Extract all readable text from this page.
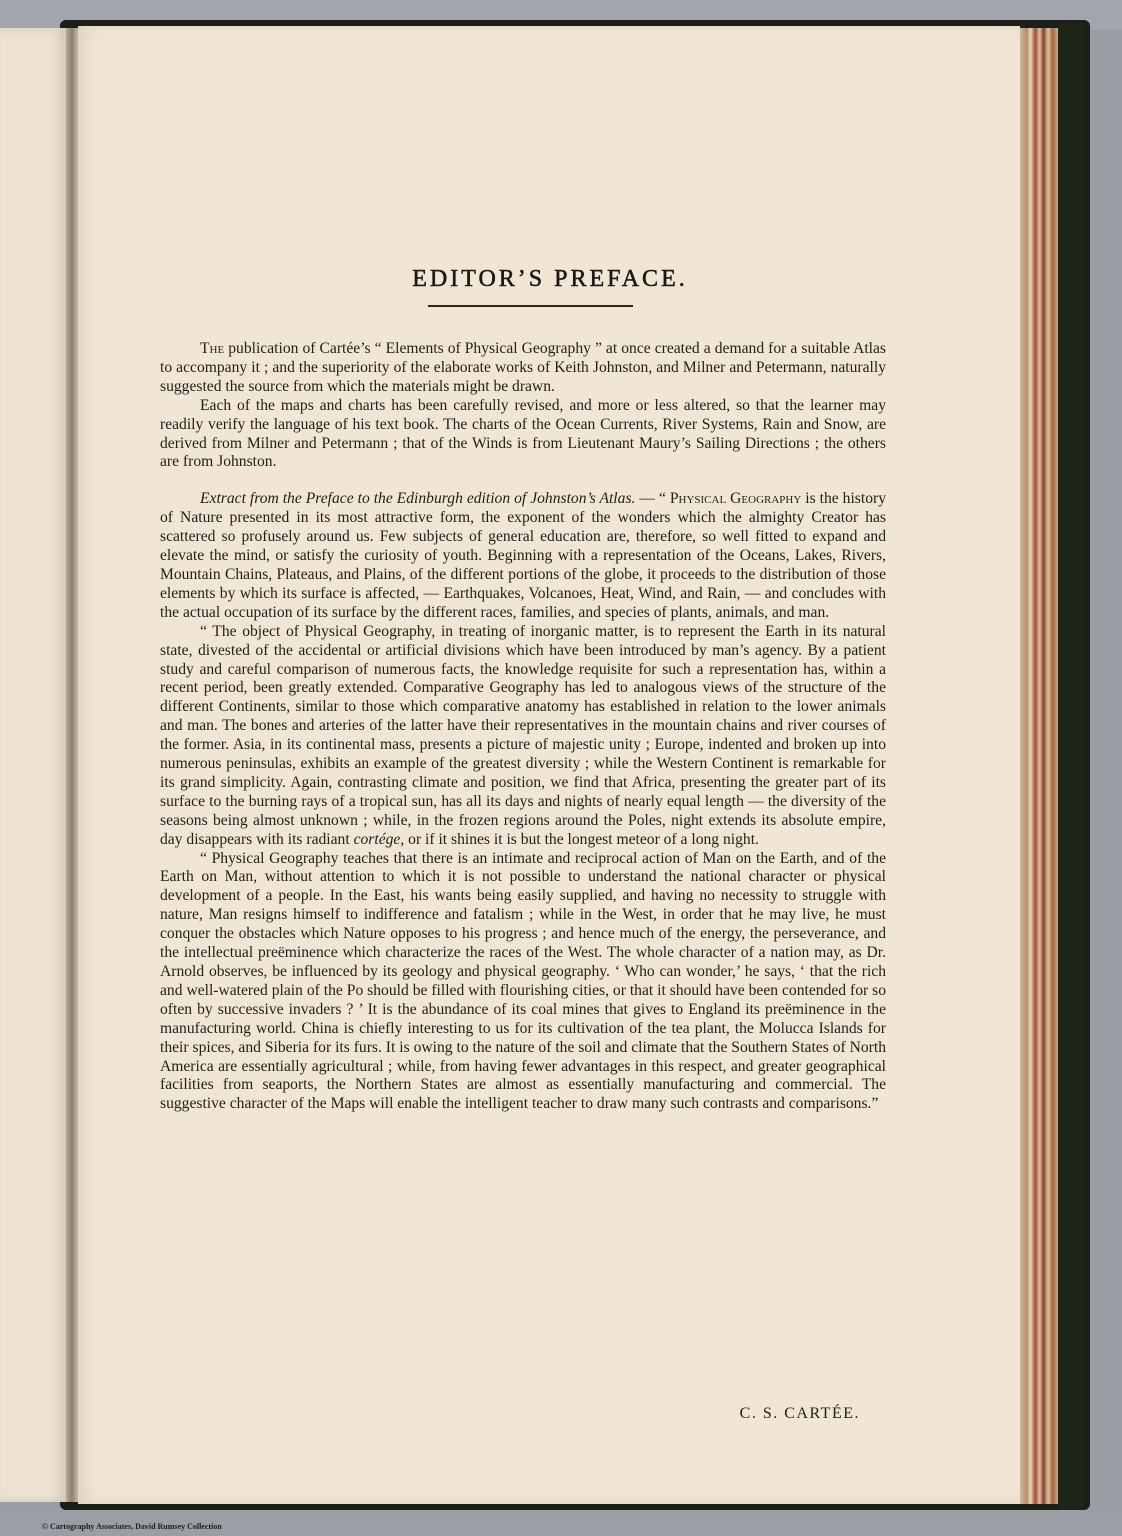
EDITOR’S PREFACE.

The publication of Cartée’s “ Elements of Physical Geography ” at once created a demand for a suitable Atlas to accompany it ; and the superiority of the elaborate works of Keith Johnston, and Milner and Petermann, naturally suggested the source from which the materials might be drawn.

Each of the maps and charts has been carefully revised, and more or less altered, so that the learner may readily verify the language of his text book. The charts of the Ocean Currents, River Systems, Rain and Snow, are derived from Milner and Petermann ; that of the Winds is from Lieutenant Maury’s Sailing Directions ; the others are from Johnston.

Extract from the Preface to the Edinburgh edition of Johnston’s Atlas. — “ Physical Geography is the history of Nature presented in its most attractive form, the exponent of the wonders which the almighty Creator has scattered so profusely around us. Few subjects of general education are, therefore, so well fitted to expand and elevate the mind, or satisfy the curiosity of youth. Beginning with a representation of the Oceans, Lakes, Rivers, Mountain Chains, Plateaus, and Plains, of the different portions of the globe, it proceeds to the distribution of those elements by which its surface is affected, — Earthquakes, Volcanoes, Heat, Wind, and Rain, — and concludes with the actual occupation of its surface by the different races, families, and species of plants, animals, and man.

“ The object of Physical Geography, in treating of inorganic matter, is to represent the Earth in its natural state, divested of the accidental or artificial divisions which have been introduced by man’s agency. By a patient study and careful comparison of numerous facts, the knowledge requisite for such a representation has, within a recent period, been greatly extended. Comparative Geography has led to analogous views of the structure of the different Continents, similar to those which comparative anatomy has established in relation to the lower animals and man. The bones and arteries of the latter have their representatives in the mountain chains and river courses of the former. Asia, in its continental mass, presents a picture of majestic unity ; Europe, indented and broken up into numerous peninsulas, exhibits an example of the greatest diversity ; while the Western Continent is remarkable for its grand simplicity. Again, contrasting climate and position, we find that Africa, presenting the greater part of its surface to the burning rays of a tropical sun, has all its days and nights of nearly equal length — the diversity of the seasons being almost unknown ; while, in the frozen regions around the Poles, night extends its absolute empire, day disappears with its radiant cortége, or if it shines it is but the longest meteor of a long night.

“ Physical Geography teaches that there is an intimate and reciprocal action of Man on the Earth, and of the Earth on Man, without attention to which it is not possible to understand the national character or physical development of a people. In the East, his wants being easily supplied, and having no necessity to struggle with nature, Man resigns himself to indifference and fatalism ; while in the West, in order that he may live, he must conquer the obstacles which Nature opposes to his progress ; and hence much of the energy, the perseverance, and the intellectual preëminence which characterize the races of the West. The whole character of a nation may, as Dr. Arnold observes, be influenced by its geology and physical geography. ‘ Who can wonder,’ he says, ‘ that the rich and well-watered plain of the Po should be filled with flourishing cities, or that it should have been contended for so often by successive invaders ? ’ It is the abundance of its coal mines that gives to England its preëminence in the manufacturing world. China is chiefly interesting to us for its cultivation of the tea plant, the Molucca Islands for their spices, and Siberia for its furs. It is owing to the nature of the soil and climate that the Southern States of North America are essentially agricultural ; while, from having fewer advantages in this respect, and greater geographical facilities from seaports, the Northern States are almost as essentially manufacturing and commercial. The suggestive character of the Maps will enable the intelligent teacher to draw many such contrasts and comparisons.”

C. S. CARTÉE.
© Cartography Associates, David Rumsey Collection
